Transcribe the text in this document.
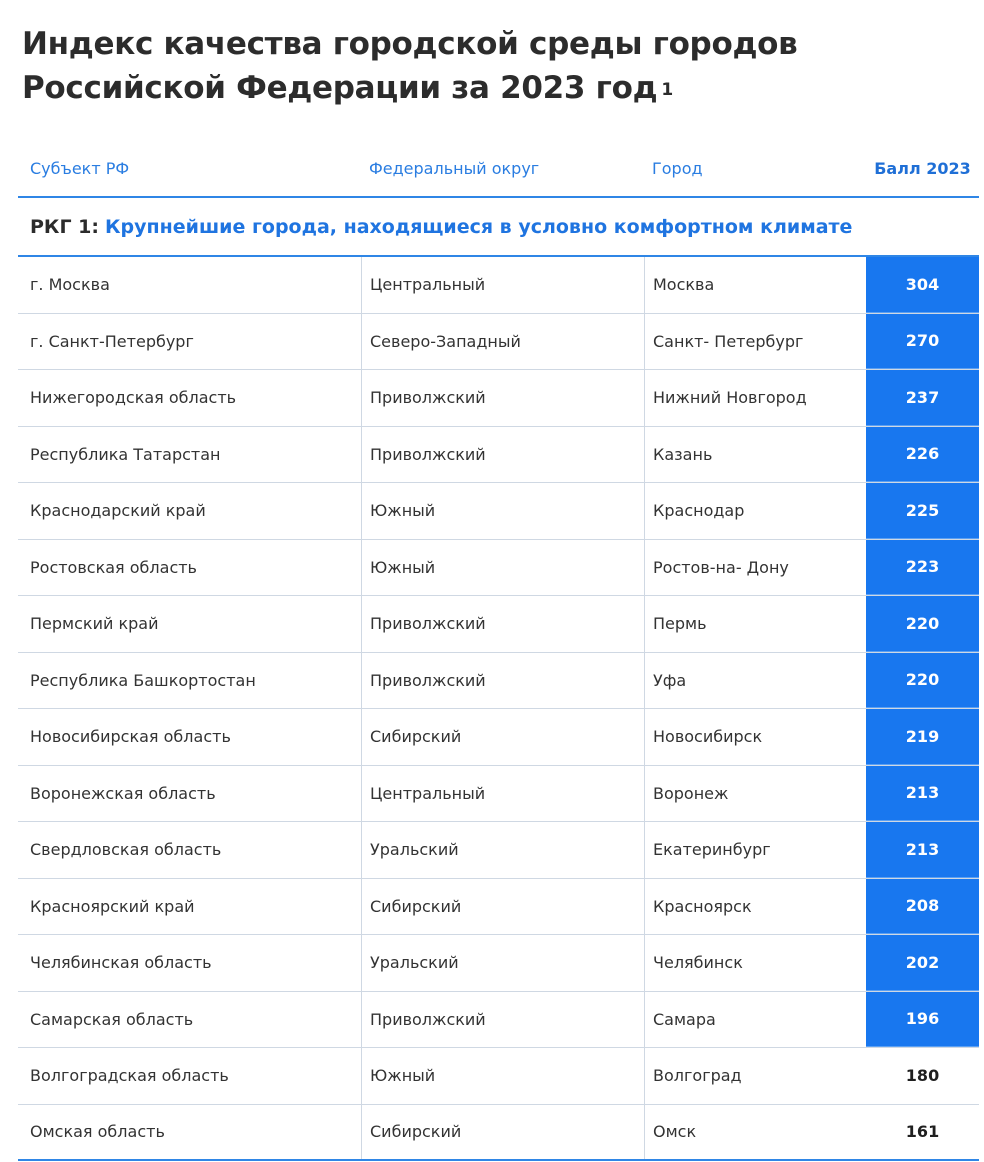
Индекс качества городской среды городов Российской Федерации за 2023 год $^1$
Субъект РФ	Федеральный округ	Город	Балл 2023
РКГ 1: Крупнейшие города, находящиеся в условно комфортном климате
г. Москва	Центральный	Москва	304
г. Санкт-Петербург	Северо-Западный	Санкт- Петербург	270
Нижегородская область	Приволжский	Нижний Новгород	237
Республика Татарстан	Приволжский	Казань	226
Краснодарский край	Южный	Краснодар	225
Ростовская область	Южный	Ростов-на- Дону	223
Пермский край	Приволжский	Пермь	220
Республика Башкортостан	Приволжский	Уфа	220
Новосибирская область	Сибирский	Новосибирск	219
Воронежская область	Центральный	Воронеж	213
Свердловская область	Уральский	Екатеринбург	213
Красноярский край	Сибирский	Красноярск	208
Челябинская область	Уральский	Челябинск	202
Самарская область	Приволжский	Самара	196
Волгоградская область	Южный	Волгоград	180
Омская область	Сибирский	Омск	161
